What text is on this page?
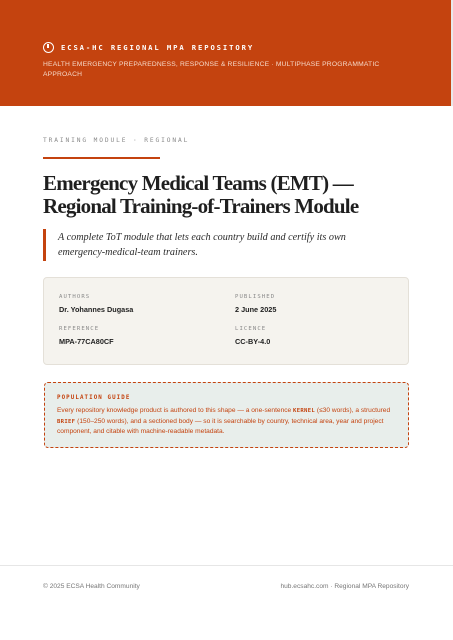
ECSA-HC REGIONAL MPA REPOSITORY
HEALTH EMERGENCY PREPAREDNESS, RESPONSE & RESILIENCE · MULTIPHASE PROGRAMMATIC APPROACH
TRAINING MODULE · REGIONAL
Emergency Medical Teams (EMT) —
Regional Training-of-Trainers Module

A complete ToT module that lets each country build and certify its own emergency-medical-team trainers.

AUTHORS
Dr. Yohannes Dugasa
PUBLISHED
2 June 2025
REFERENCE
MPA-77CA80CF
LICENCE
CC-BY-4.0
POPULATION GUIDE
Every repository knowledge product is authored to this shape — a one-sentence KERNEL (≤30 words), a structured BRIEF (150–250 words), and a sectioned body — so it is searchable by country, technical area, year and project component, and citable with machine-readable metadata.
© 2025 ECSA Health Community	hub.ecsahc.com · Regional MPA Repository
